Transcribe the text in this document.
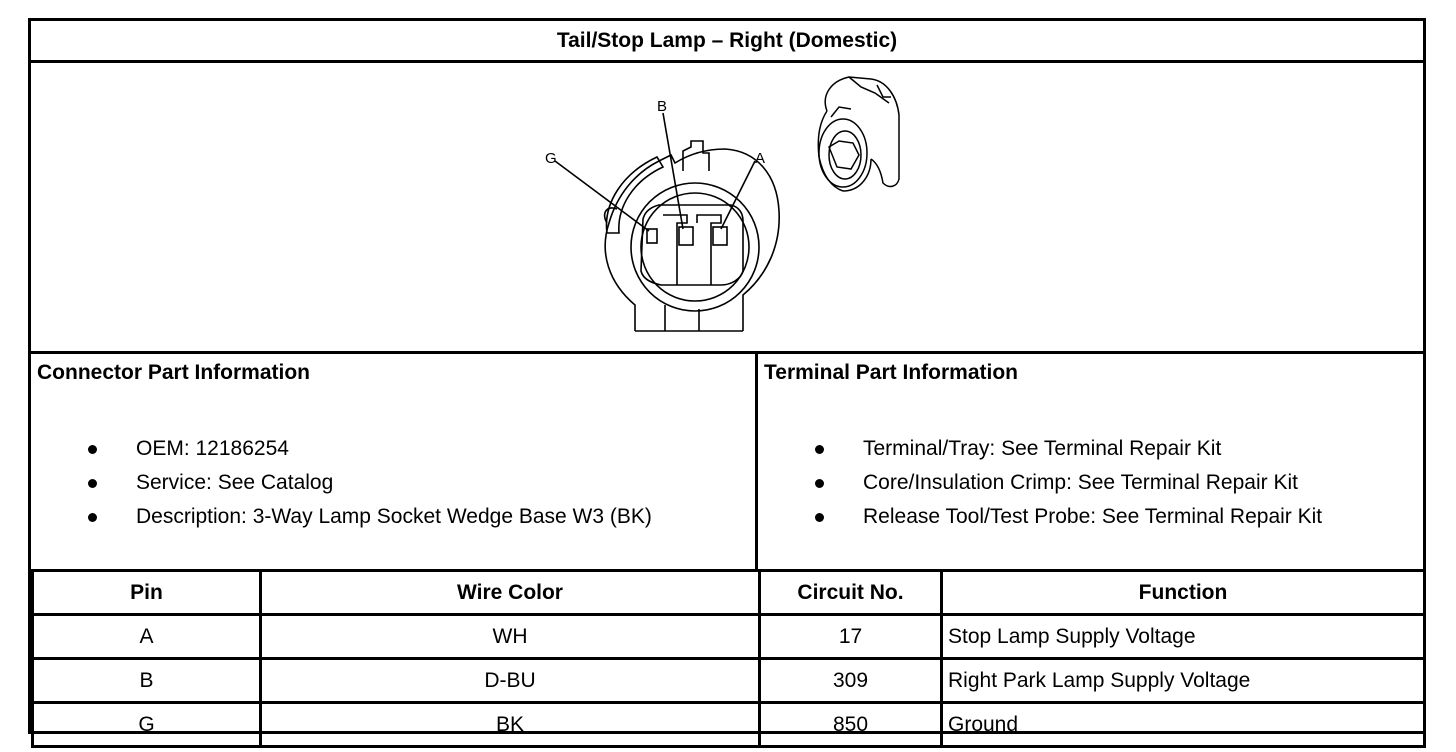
Tail/Stop Lamp – Right (Domestic)
B
G	A
Connector Part Information
OEM: 12186254
Service: See Catalog
Description: 3-Way Lamp Socket Wedge Base W3 (BK)
Terminal Part Information
Terminal/Tray: See Terminal Repair Kit
Core/Insulation Crimp: See Terminal Repair Kit
Release Tool/Test Probe: See Terminal Repair Kit
Pin	Wire Color	Circuit No.	Function
A	WH	17	Stop Lamp Supply Voltage
B	D-BU	309	Right Park Lamp Supply Voltage
G	BK	850	Ground
